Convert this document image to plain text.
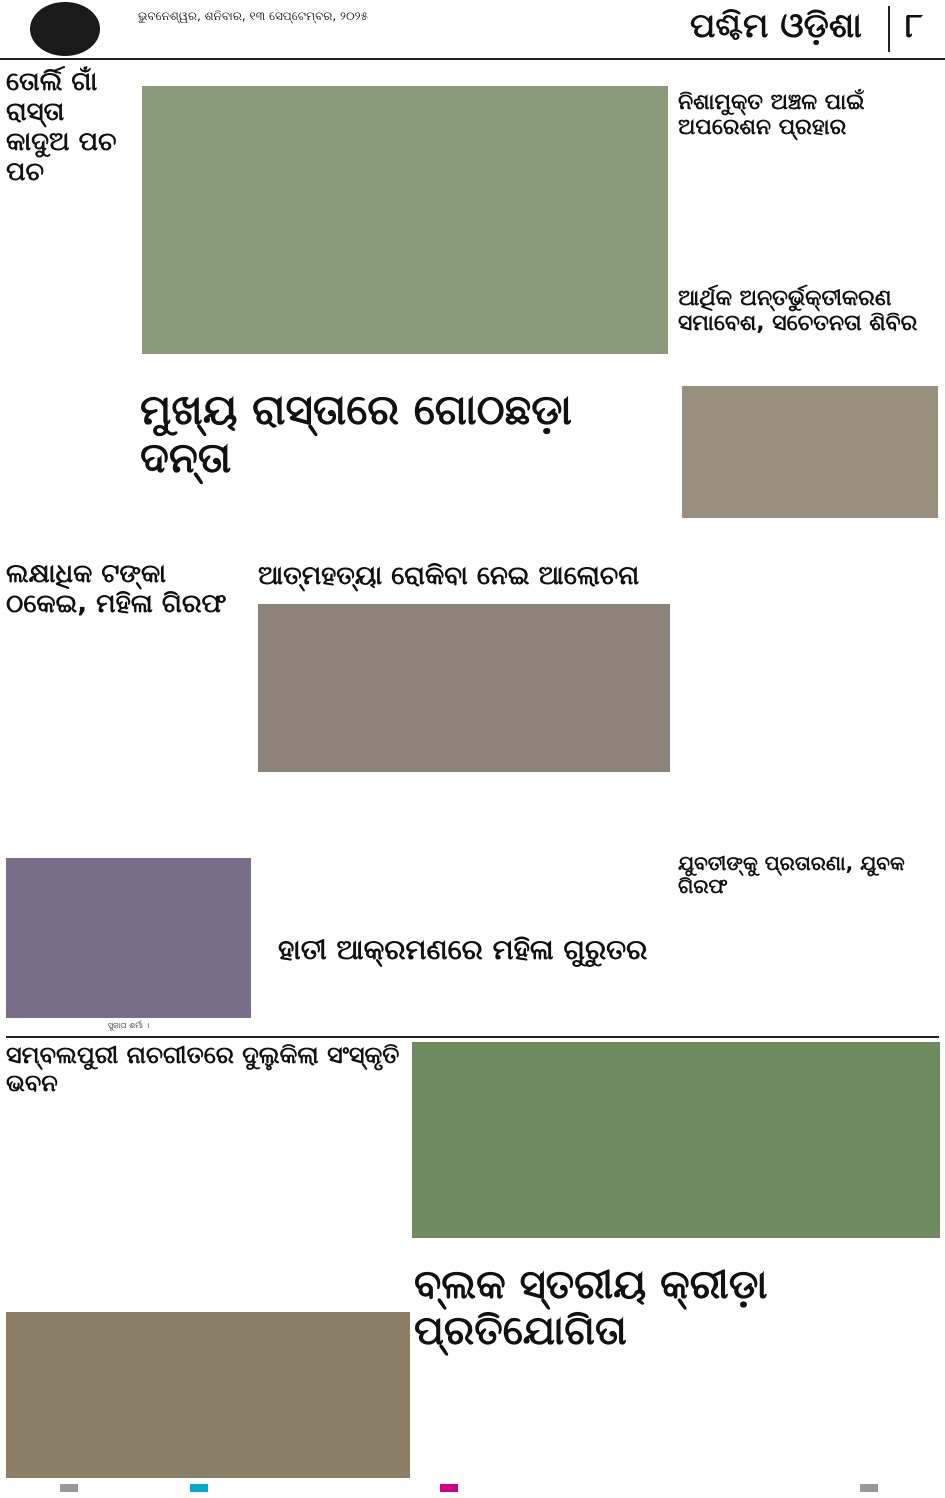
ଭୁବନେଶ୍ୱର, ଶନିବାର, ୧୩ ସେପ୍ଟେମ୍ବର, ୨୦୨୫	ପଶ୍ଚିମ ଓଡ଼ିଶା ୮
ତୋର୍ଲି ଗାଁ ରାସ୍ତା କାଦୁଅ ପଚ ପଚ
ନିଶାମୁକ୍ତ ଅଞ୍ଚଳ ପାଇଁ ଅପରେଶନ ପ୍ରହାର
ଆର୍ଥିକ ଅନ୍ତର୍ଭୁକ୍ତୀକରଣ ସମାବେଶ, ସଚେତନତା ଶିବିର
ମୁଖ୍ୟ ରାସ୍ତାରେ ଗୋଠଛଡ଼ା ଦନ୍ତା
ଲକ୍ଷାଧିକ ଟଙ୍କା ଠକେଇ, ମହିଳା ଗିରଫ
ସୁଜାତା ଶର୍ମା ।
ଆତ୍ମହତ୍ୟା ରୋକିବା ନେଇ ଆଲୋଚନା
ଯୁବତୀଙ୍କୁ ପ୍ରତାରଣା, ଯୁବକ ଗିରଫ
ହାତୀ ଆକ୍ରମଣରେ ମହିଳା ଗୁରୁତର
ସମ୍ବଲପୁରୀ ନାଚଗୀତରେ ଦୁଲୁକିଲା ସଂସ୍କୃତି ଭବନ
ବ୍ଲକ ସ୍ତରୀୟ କ୍ରୀଡ଼ା ପ୍ରତିଯୋଗିତା
